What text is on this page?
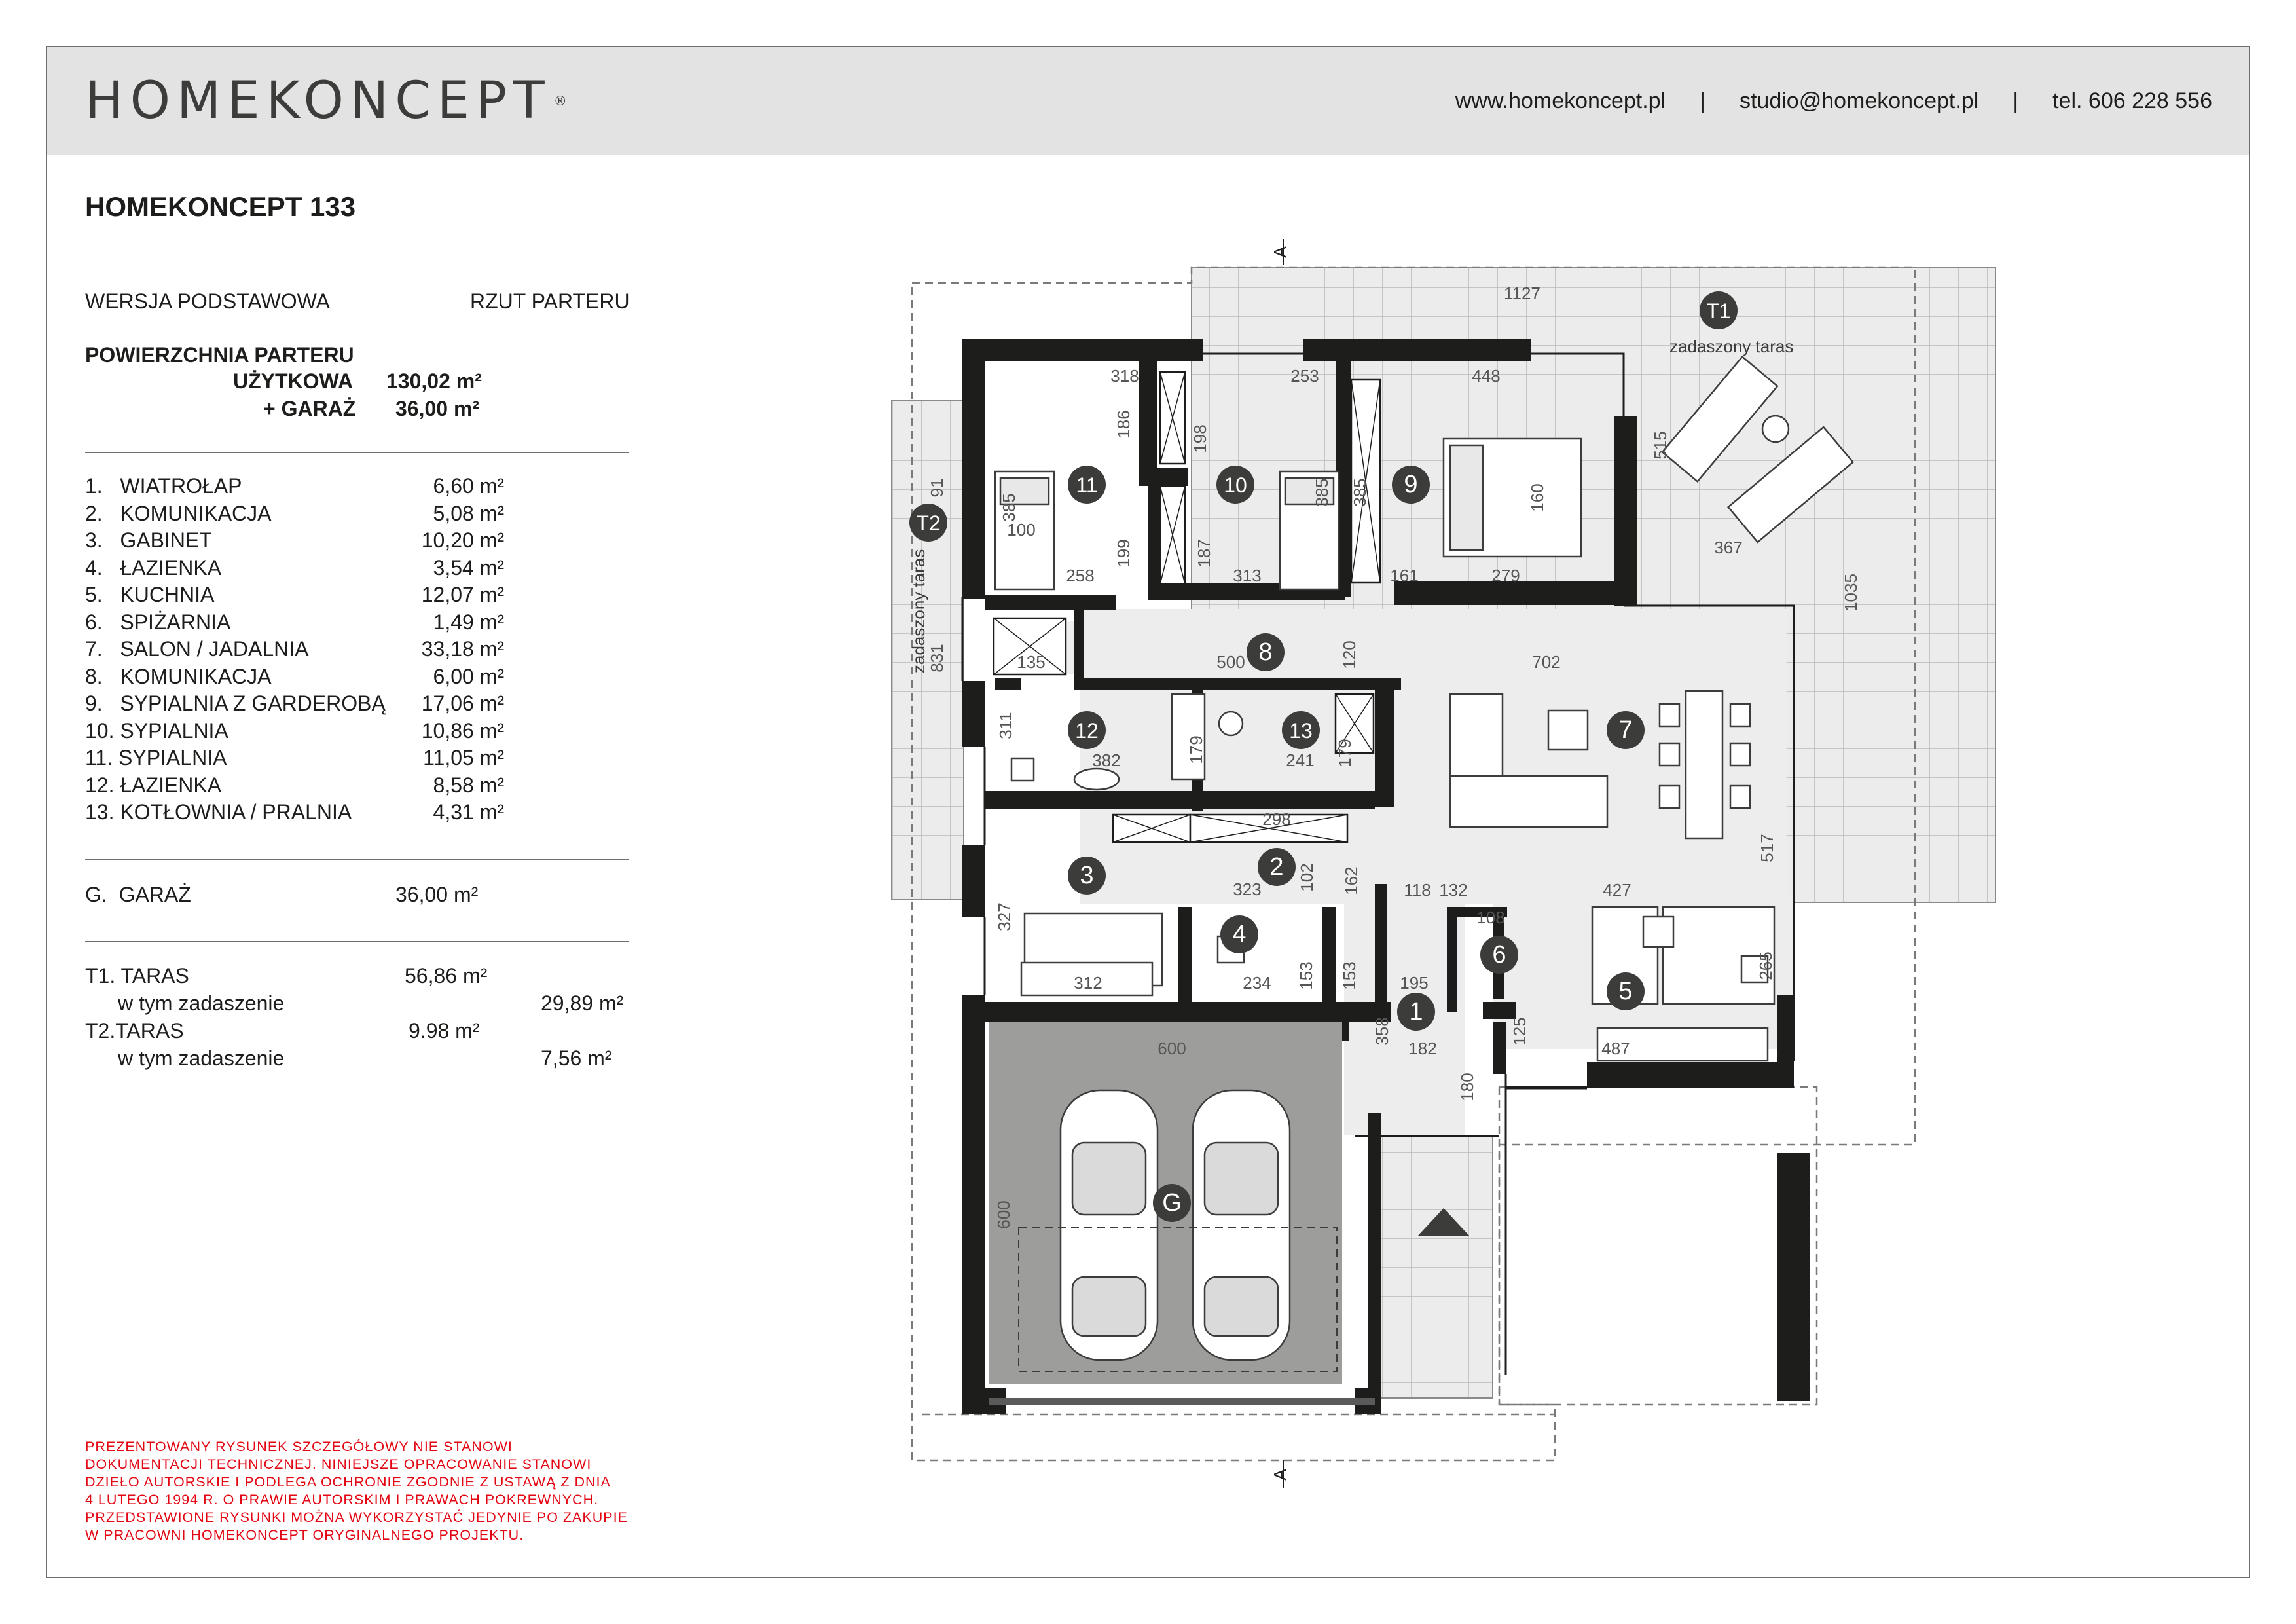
HOMEKONCEPT ®	www.homekoncept.pl | studio@homekoncept.pl | tel. 606 228 556
HOMEKONCEPT 133
WERSJA PODSTAWOWA	RZUT PARTERU
POWIERZCHNIA PARTERU
UŻYTKOWA 130,02 m²
+ GARAŻ 36,00 m²
1. WIATROŁAP	6,60 m²
2. KOMUNIKACJA	5,08 m²
3. GABINET	10,20 m²
4. ŁAZIENKA	3,54 m²
5. KUCHNIA	12,07 m²
6. SPIŻARNIA	1,49 m²
7. SALON / JADALNIA	33,18 m²
8. KOMUNIKACJA	6,00 m²
9. SYPIALNIA Z GARDEROBĄ 17,06 m²
10. SYPIALNIA	10,86 m²
11. SYPIALNIA	11,05 m²
12. ŁAZIENKA	8,58 m²
13. KOTŁOWNIA / PRALNIA	4,31 m²
G. GARAŻ	36,00 m²
T1. TARAS	56,86 m²
w tym zadaszenie	29,89 m²
T2.TARAS	9.98 m²
w tym zadaszenie	7,56 m²
PREZENTOWANY RYSUNEK SZCZEGÓŁOWY NIE STANOWI
DOKUMENTACJI TECHNICZNEJ. NINIEJSZE OPRACOWANIE STANOWI
DZIEŁO AUTORSKIE I PODLEGA OCHRONIE ZGODNIE Z USTAWĄ Z DNIA
4 LUTEGO 1994 R. O PRAWIE AUTORSKIM I PRAWACH POKREWNYCH.
PRZEDSTAWIONE RYSUNKI MOŻNA WYKORZYSTAĆ JEDYNIE PO ZAKUPIE
W PRACOWNI HOMEKONCEPT ORYGINALNEGO PROJEKTU.
A
A
zadaszony taras
zadaszony taras
1127
318
186
253
198
448
515
91
385
100
199
258
385
187
313
385	160
161	279
367
1035
831	135	500	120	702
311
382	179	241 179
298
162
102
517
327
323	118 132	427
153 153
108
265
312	234	195
358	125
182
180
487
600
600
1
2
3
4
5
6
7
8
9
10
11
12	13
G
T1
T2
